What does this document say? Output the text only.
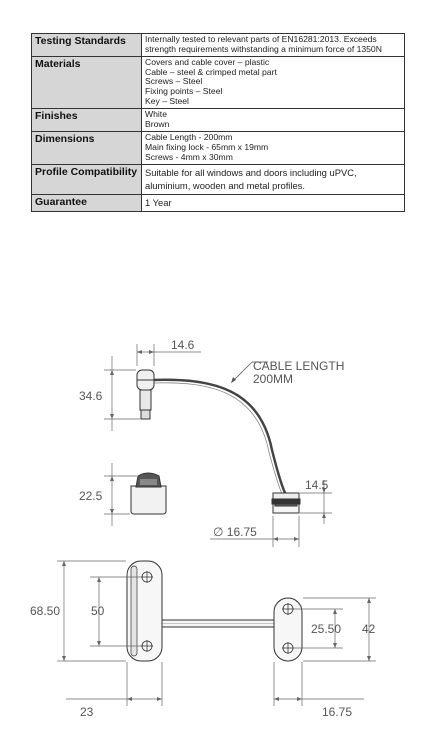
Testing Standards	Internally tested to relevant parts of EN16281:2013. Exceeds
strength requirements withstanding a minimum force of 1350N

Materials	Covers and cable cover – plastic
Cable – steel & crimped metal part
Screws – Steel
Fixing points – Steel
Key – Steel

Finishes	White
Brown

Dimensions	Cable Length - 200mm
Main fixing lock - 65mm x 19mm
Screws - 4mm x 30mm

Profile Compatibility	Suitable for all windows and doors including uPVC,
aluminium, wooden and metal profiles.

Guarantee	1 Year
14.6
34.6
CABLE LENGTH
200MM
22.5
14.5
∅ 16.75
68.50	50
23
25.50 42
16.75
